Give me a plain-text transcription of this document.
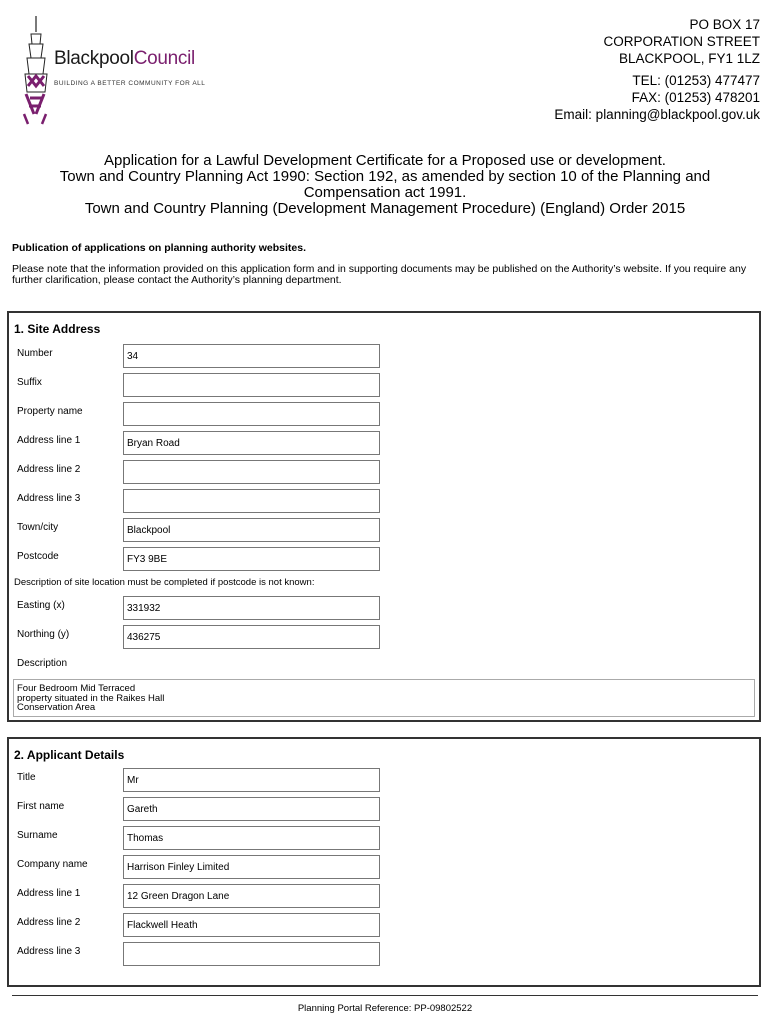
BlackpoolCouncil
BUILDING A BETTER COMMUNITY FOR ALL
PO BOX 17
CORPORATION STREET
BLACKPOOL, FY1 1LZ
TEL: (01253) 477477
FAX: (01253) 478201
Email: planning@blackpool.gov.uk
Application for a Lawful Development Certificate for a Proposed use or development.
Town and Country Planning Act 1990: Section 192, as amended by section 10 of the Planning and
Compensation act 1991.
Town and Country Planning (Development Management Procedure) (England) Order 2015
Publication of applications on planning authority websites.
Please note that the information provided on this application form and in supporting documents may be published on the Authority’s website. If you require any further clarification, please contact the Authority’s planning department.
1. Site Address
Number	34
Suffix
Property name
Address line 1	Bryan Road
Address line 2
Address line 3
Town/city	Blackpool
Postcode	FY3 9BE
Description of site location must be completed if postcode is not known:
Easting (x)	331932
Northing (y)	436275
Description
Four Bedroom Mid Terraced
property situated in the Raikes Hall
Conservation Area
2. Applicant Details
Title	Mr
First name	Gareth
Surname	Thomas
Company name	Harrison Finley Limited
Address line 1	12 Green Dragon Lane
Address line 2	Flackwell Heath
Address line 3
Planning Portal Reference: PP-09802522
